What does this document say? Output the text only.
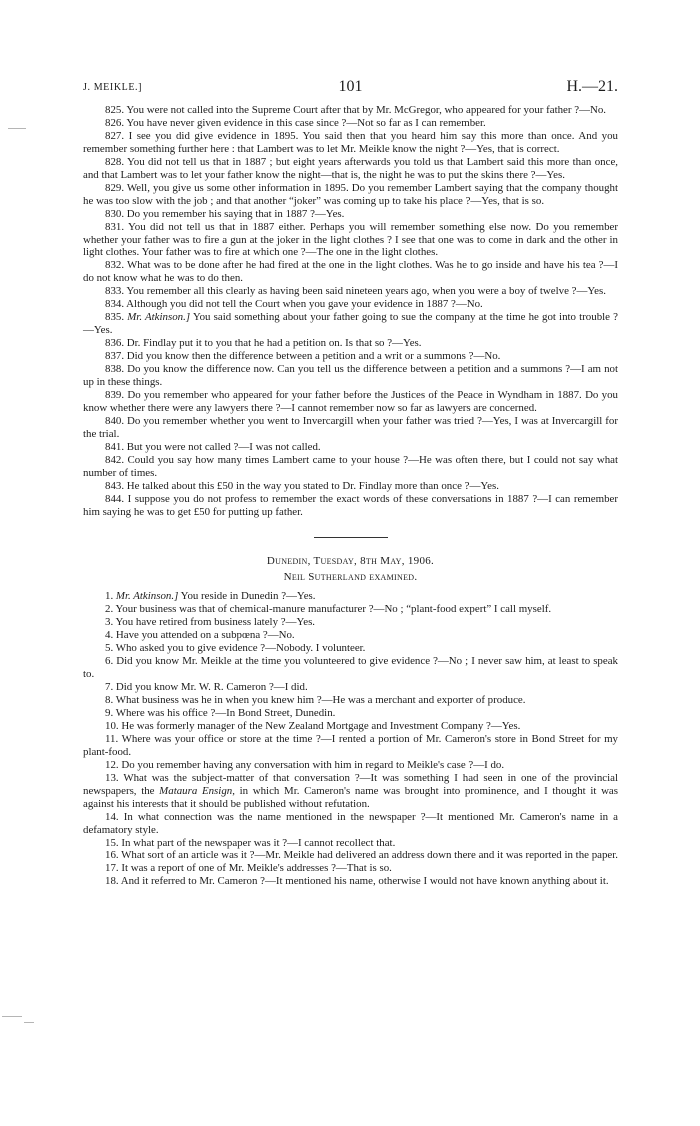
J. MEIKLE.]	101	H.—21.

825. You were not called into the Supreme Court after that by Mr. McGregor, who appeared for your father ?—No.

826. You have never given evidence in this case since ?—Not so far as I can remember.

827. I see you did give evidence in 1895. You said then that you heard him say this more than once. And you remember something further here : that Lambert was to let Mr. Meikle know the night ?—Yes, that is correct.

828. You did not tell us that in 1887 ; but eight years afterwards you told us that Lambert said this more than once, and that Lambert was to let your father know the night—that is, the night he was to put the skins there ?—Yes.

829. Well, you give us some other information in 1895. Do you remember Lambert saying that the company thought he was too slow with the job ; and that another “joker” was coming up to take his place ?—Yes, that is so.

830. Do you remember his saying that in 1887 ?—Yes.

831. You did not tell us that in 1887 either. Perhaps you will remember something else now. Do you remember whether your father was to fire a gun at the joker in the light clothes ? I see that one was to come in dark and the other in light clothes. Your father was to fire at which one ?—The one in the light clothes.

832. What was to be done after he had fired at the one in the light clothes. Was he to go inside and have his tea ?—I do not know what he was to do then.

833. You remember all this clearly as having been said nineteen years ago, when you were a boy of twelve ?—Yes.

834. Although you did not tell the Court when you gave your evidence in 1887 ?—No.

835. Mr. Atkinson.] You said something about your father going to sue the company at the time he got into trouble ?—Yes.

836. Dr. Findlay put it to you that he had a petition on. Is that so ?—Yes.

837. Did you know then the difference between a petition and a writ or a summons ?—No.

838. Do you know the difference now. Can you tell us the difference between a petition and a summons ?—I am not up in these things.

839. Do you remember who appeared for your father before the Justices of the Peace in Wyndham in 1887. Do you know whether there were any lawyers there ?—I cannot remember now so far as lawyers are concerned.

840. Do you remember whether you went to Invercargill when your father was tried ?—Yes, I was at Invercargill for the trial.

841. But you were not called ?—I was not called.

842. Could you say how many times Lambert came to your house ?—He was often there, but I could not say what number of times.

843. He talked about this £50 in the way you stated to Dr. Findlay more than once ?—Yes.

844. I suppose you do not profess to remember the exact words of these conversations in 1887 ?—I can remember him saying he was to get £50 for putting up father.

Dunedin, Tuesday, 8th May, 1906.

Neil Sutherland examined.

1. Mr. Atkinson.] You reside in Dunedin ?—Yes.

2. Your business was that of chemical-manure manufacturer ?—No ; “plant-food expert” I call myself.

3. You have retired from business lately ?—Yes.

4. Have you attended on a subpœna ?—No.

5. Who asked you to give evidence ?—Nobody. I volunteer.

6. Did you know Mr. Meikle at the time you volunteered to give evidence ?—No ; I never saw him, at least to speak to.

7. Did you know Mr. W. R. Cameron ?—I did.

8. What business was he in when you knew him ?—He was a merchant and exporter of produce.

9. Where was his office ?—In Bond Street, Dunedin.

10. He was formerly manager of the New Zealand Mortgage and Investment Company ?—Yes.

11. Where was your office or store at the time ?—I rented a portion of Mr. Cameron's store in Bond Street for my plant-food.

12. Do you remember having any conversation with him in regard to Meikle's case ?—I do.

13. What was the subject-matter of that conversation ?—It was something I had seen in one of the provincial newspapers, the Mataura Ensign, in which Mr. Cameron's name was brought into prominence, and I thought it was against his interests that it should be published without refutation.

14. In what connection was the name mentioned in the newspaper ?—It mentioned Mr. Cameron's name in a defamatory style.

15. In what part of the newspaper was it ?—I cannot recollect that.

16. What sort of an article was it ?—Mr. Meikle had delivered an address down there and it was reported in the paper.

17. It was a report of one of Mr. Meikle's addresses ?—That is so.

18. And it referred to Mr. Cameron ?—It mentioned his name, otherwise I would not have known anything about it.
